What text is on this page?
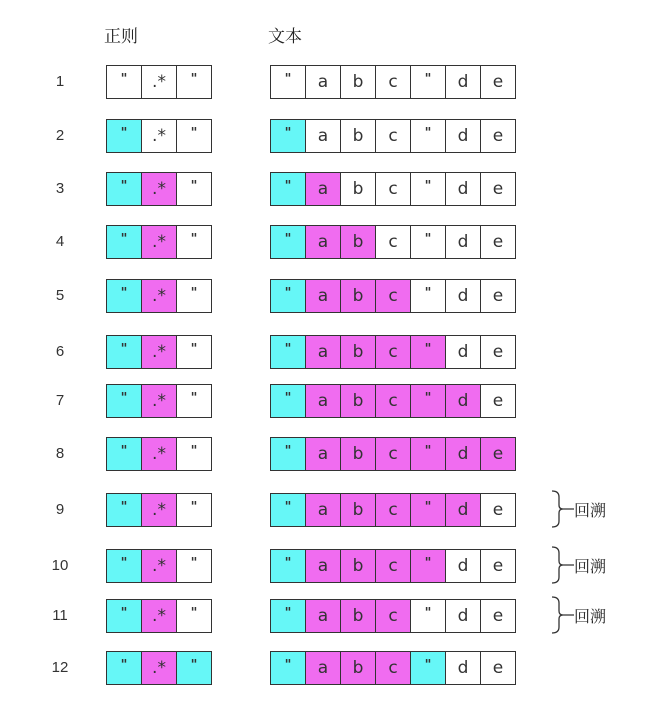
正则	文本
1	"	.*	"	"	a	b	c	"	d	e
2	"	.*	"	"	a	b	c	"	d	e
3	"	.*	"	"	a	b	c	"	d	e
4	"	.*	"	"	a	b	c	"	d	e
5	"	.*	"	"	a	b	c	"	d	e
6	"	.*	"	"	a	b	c	"	d	e
7	"	.*	"	"	a	b	c	"	d	e
8	"	.*	"	"	a	b	c	"	d	e
9	"	.*	"	"	a	b	c	"	d	e	回溯
10	"	.*	"	"	a	b	c	"	d	e	回溯
11	"	.*	"	"	a	b	c	"	d	e	回溯
12	"	.*	"	"	a	b	c	"	d	e
